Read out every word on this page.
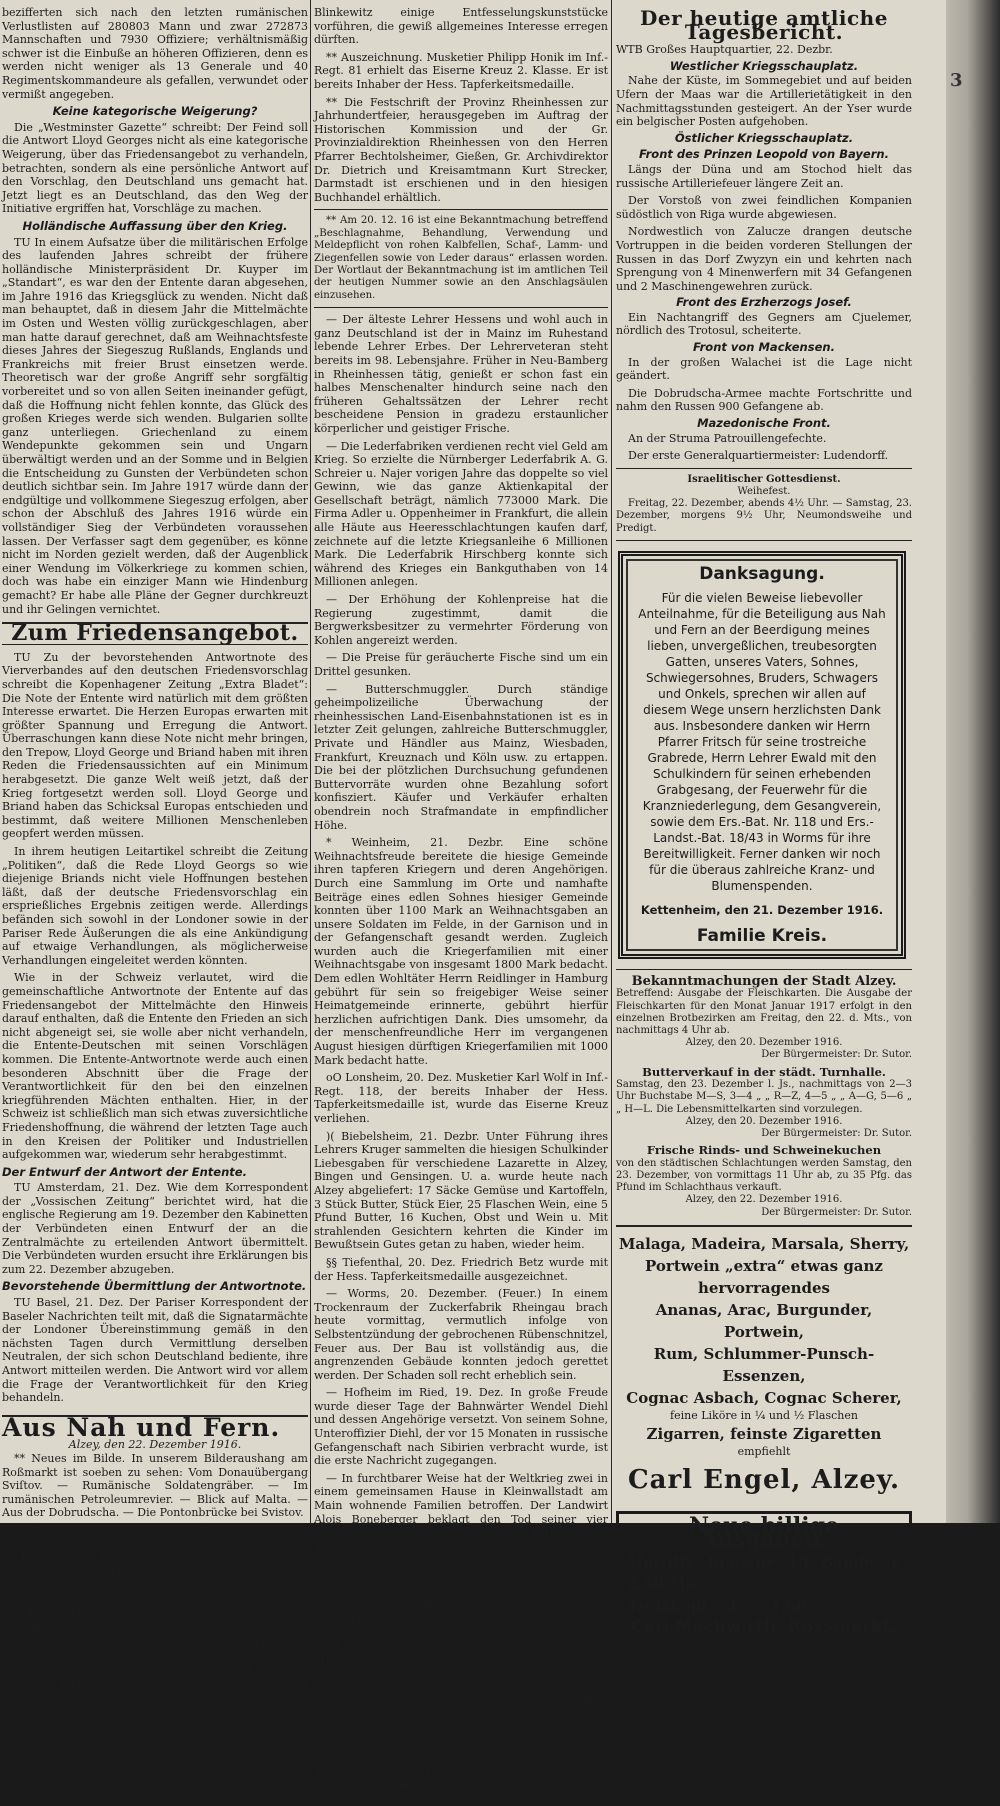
bezifferten sich nach den letzten rumänischen Verlustlisten auf 280803 Mann und zwar 272873 Mannschaften und 7930 Offiziere; verhältnismäßig schwer ist die Einbuße an höheren Offizieren, denn es werden nicht weniger als 13 Generale und 40 Regimentskommandeure als gefallen, verwundet oder vermißt angegeben.

Keine kategorische Weigerung?

Die „Westminster Gazette“ schreibt: Der Feind soll die Antwort Lloyd Georges nicht als eine kategorische Weigerung, über das Friedensangebot zu verhandeln, betrachten, sondern als eine persönliche Antwort auf den Vorschlag, den Deutschland uns gemacht hat. Jetzt liegt es an Deutschland, das den Weg der Initiative ergriffen hat, Vorschläge zu machen.

Holländische Auffassung über den Krieg.

TU In einem Aufsatze über die militärischen Erfolge des laufenden Jahres schreibt der frühere holländische Ministerpräsident Dr. Kuyper im „Standart“, es war den der Entente daran abgesehen, im Jahre 1916 das Kriegsglück zu wenden. Nicht daß man behauptet, daß in diesem Jahr die Mittelmächte im Osten und Westen völlig zurückgeschlagen, aber man hatte darauf gerechnet, daß am Weihnachtsfeste dieses Jahres der Siegeszug Rußlands, Englands und Frankreichs mit freier Brust einsetzen werde. Theoretisch war der große Angriff sehr sorgfältig vorbereitet und so von allen Seiten ineinander gefügt, daß die Hoffnung nicht fehlen konnte, das Glück des großen Krieges werde sich wenden. Bulgarien sollte ganz unterliegen. Griechenland zu einem Wendepunkte gekommen sein und Ungarn überwältigt werden und an der Somme und in Belgien die Entscheidung zu Gunsten der Verbündeten schon deutlich sichtbar sein. Im Jahre 1917 würde dann der endgültige und vollkommene Siegeszug erfolgen, aber schon der Abschluß des Jahres 1916 würde ein vollständiger Sieg der Verbündeten voraussehen lassen. Der Verfasser sagt dem gegenüber, es könne nicht im Norden gezielt werden, daß der Augenblick einer Wendung im Völkerkriege zu kommen schien, doch was habe ein einziger Mann wie Hindenburg gemacht? Er habe alle Pläne der Gegner durchkreuzt und ihr Gelingen vernichtet.

Zum Friedensangebot.

TU Zu der bevorstehenden Antwortnote des Vierverbandes auf den deutschen Friedensvorschlag schreibt die Kopenhagener Zeitung „Extra Bladet“: Die Note der Entente wird natürlich mit dem größten Interesse erwartet. Die Herzen Europas erwarten mit größter Spannung und Erregung die Antwort. Überraschungen kann diese Note nicht mehr bringen, den Trepow, Lloyd George und Briand haben mit ihren Reden die Friedensaussichten auf ein Minimum herabgesetzt. Die ganze Welt weiß jetzt, daß der Krieg fortgesetzt werden soll. Lloyd George und Briand haben das Schicksal Europas entschieden und bestimmt, daß weitere Millionen Menschenleben geopfert werden müssen.

In ihrem heutigen Leitartikel schreibt die Zeitung „Politiken“, daß die Rede Lloyd Georgs so wie diejenige Briands nicht viele Hoffnungen bestehen läßt, daß der deutsche Friedensvorschlag ein ersprießliches Ergebnis zeitigen werde. Allerdings befänden sich sowohl in der Londoner sowie in der Pariser Rede Äußerungen die als eine Ankündigung auf etwaige Verhandlungen, als möglicherweise Verhandlungen eingeleitet werden könnten.

Wie in der Schweiz verlautet, wird die gemeinschaftliche Antwortnote der Entente auf das Friedensangebot der Mittelmächte den Hinweis darauf enthalten, daß die Entente den Frieden an sich nicht abgeneigt sei, sie wolle aber nicht verhandeln, die Entente-Deutschen mit seinen Vorschlägen kommen. Die Entente-Antwortnote werde auch einen besonderen Abschnitt über die Frage der Verantwortlichkeit für den bei den einzelnen kriegführenden Mächten enthalten. Hier, in der Schweiz ist schließlich man sich etwas zuversichtliche Friedenshoffnung, die während der letzten Tage auch in den Kreisen der Politiker und Industriellen aufgekommen war, wiederum sehr herabgestimmt.

Der Entwurf der Antwort der Entente.

TU Amsterdam, 21. Dez. Wie dem Korrespondent der „Vossischen Zeitung“ berichtet wird, hat die englische Regierung am 19. Dezember den Kabinetten der Verbündeten einen Entwurf der an die Zentralmächte zu erteilenden Antwort übermittelt. Die Verbündeten wurden ersucht ihre Erklärungen bis zum 22. Dezember abzugeben.

Bevorstehende Übermittlung der Antwortnote.

TU Basel, 21. Dez. Der Pariser Korrespondent der Baseler Nachrichten teilt mit, daß die Signatarmächte der Londoner Übereinstimmung gemäß in den nächsten Tagen durch Vermittlung derselben Neutralen, der sich schon Deutschland bediente, ihre Antwort mitteilen werden. Die Antwort wird vor allem die Frage der Verantwortlichkeit für den Krieg behandeln.

Aus Nah und Fern.
Alzey, den 22. Dezember 1916.

** Neues im Bilde. In unserem Bilderaushang am Roßmarkt ist soeben zu sehen: Vom Donauübergang Sviſtov. — Rumänische Soldatengräber. — Im rumänischen Petroleumrevier. — Blick auf Malta. — Aus der Dobrudscha. — Die Pontonbrücke bei Svistov.

** Postdienst an Weihnachten. Die Paketannahme ist am 24. von 8 vorm. bis 1 nachm. und von 2—7 nachm. geöffnet. Der sonstige Schalterdienst wird wie an Sonntagen abgehalten. Es werden ausgetragen: am 24., 25. und 26. je eine Ortsbrief- und Paketbestellung, am 24. und 26. je eine Geld- und Landbestellung.

** Bunter Abend im Saalbau. Am Neujahrstag wird von Verwundeten des Vereinslazaretts Heilung und Pflegeanstalt zu Gunsten des Roten Kreuzes ein „Bunter Abend“ veranstaltet. Wie der Regieleiter Georg Pohl mitteilt, wird u. a. der Charakterkomiker Georg

Blinkewitz einige Entfesselungskunststücke vorführen, die gewiß allgemeines Interesse erregen dürften.

** Auszeichnung. Musketier Philipp Honik im Inf.-Regt. 81 erhielt das Eiserne Kreuz 2. Klasse. Er ist bereits Inhaber der Hess. Tapferkeitsmedaille.

** Die Festschrift der Provinz Rheinhessen zur Jahrhundertfeier, herausgegeben im Auftrag der Historischen Kommission und der Gr. Provinzialdirektion Rheinhessen von den Herren Pfarrer Bechtolsheimer, Gießen, Gr. Archivdirektor Dr. Dietrich und Kreisamtmann Kurt Strecker, Darmstadt ist erschienen und in den hiesigen Buchhandel erhältlich.

** Am 20. 12. 16 ist eine Bekanntmachung betreffend „Beschlagnahme, Behandlung, Verwendung und Meldepflicht von rohen Kalbfellen, Schaf-, Lamm- und Ziegenfellen sowie von Leder daraus“ erlassen worden. Der Wortlaut der Bekanntmachung ist im amtlichen Teil der heutigen Nummer sowie an den Anschlagsäulen einzusehen.

— Der älteste Lehrer Hessens und wohl auch in ganz Deutschland ist der in Mainz im Ruhestand lebende Lehrer Erbes. Der Lehrerveteran steht bereits im 98. Lebensjahre. Früher in Neu-Bamberg in Rheinhessen tätig, genießt er schon fast ein halbes Menschenalter hindurch seine nach den früheren Gehaltssätzen der Lehrer recht bescheidene Pension in gradezu erstaunlicher körperlicher und geistiger Frische.

— Die Lederfabriken verdienen recht viel Geld am Krieg. So erzielte die Nürnberger Lederfabrik A. G. Schreier u. Najer vorigen Jahre das doppelte so viel Gewinn, wie das ganze Aktienkapital der Gesellschaft beträgt, nämlich 773000 Mark. Die Firma Adler u. Oppenheimer in Frankfurt, die allein alle Häute aus Heeresschlachtungen kaufen darf, zeichnete auf die letzte Kriegsanleihe 6 Millionen Mark. Die Lederfabrik Hirschberg konnte sich während des Krieges ein Bankguthaben von 14 Millionen anlegen.

— Der Erhöhung der Kohlenpreise hat die Regierung zugestimmt, damit die Bergwerksbesitzer zu vermehrter Förderung von Kohlen angereizt werden.

— Die Preise für geräucherte Fische sind um ein Drittel gesunken.

— Butterschmuggler. Durch ständige geheimpolizeiliche Überwachung der rheinhessischen Land-Eisenbahnstationen ist es in letzter Zeit gelungen, zahlreiche Butterschmuggler, Private und Händler aus Mainz, Wiesbaden, Frankfurt, Kreuznach und Köln usw. zu ertappen. Die bei der plötzlichen Durchsuchung gefundenen Buttervorräte wurden ohne Bezahlung sofort konfisziert. Käufer und Verkäufer erhalten obendrein noch Strafmandate in empfindlicher Höhe.

* Weinheim, 21. Dezbr. Eine schöne Weihnachtsfreude bereitete die hiesige Gemeinde ihren tapferen Kriegern und deren Angehörigen. Durch eine Sammlung im Orte und namhafte Beiträge eines edlen Sohnes hiesiger Gemeinde konnten über 1100 Mark an Weihnachtsgaben an unsere Soldaten im Felde, in der Garnison und in der Gefangenschaft gesandt werden. Zugleich wurden auch die Kriegerfamilien mit einer Weihnachtsgabe von insgesamt 1800 Mark bedacht. Dem edlen Wohltäter Herrn Reidlinger in Hamburg gebührt für sein so freigebiger Weise seiner Heimatgemeinde erinnerte, gebührt hierfür herzlichen aufrichtigen Dank. Dies umsomehr, da der menschenfreundliche Herr im vergangenen August hiesigen dürftigen Kriegerfamilien mit 1000 Mark bedacht hatte.

oO Lonsheim, 20. Dez. Musketier Karl Wolf in Inf.-Regt. 118, der bereits Inhaber der Hess. Tapferkeitsmedaille ist, wurde das Eiserne Kreuz verliehen.

)( Biebelsheim, 21. Dezbr. Unter Führung ihres Lehrers Kruger sammelten die hiesigen Schulkinder Liebesgaben für verschiedene Lazarette in Alzey, Bingen und Gensingen. U. a. wurde heute nach Alzey abgeliefert: 17 Säcke Gemüse und Kartoffeln, 3 Stück Butter, Stück Eier, 25 Flaschen Wein, eine 5 Pfund Butter, 16 Kuchen, Obst und Wein u. Mit strahlenden Gesichtern kehrten die Kinder im Bewußtsein Gutes getan zu haben, wieder heim.

§§ Tiefenthal, 20. Dez. Friedrich Betz wurde mit der Hess. Tapferkeitsmedaille ausgezeichnet.

— Worms, 20. Dezember. (Feuer.) In einem Trockenraum der Zuckerfabrik Rheingau brach heute vormittag, vermutlich infolge von Selbstentzündung der gebrochenen Rübenschnitzel, Feuer aus. Der Bau ist vollständig aus, die angrenzenden Gebäude konnten jedoch gerettet werden. Der Schaden soll recht erheblich sein.

— Hofheim im Ried, 19. Dez. In große Freude wurde dieser Tage der Bahnwärter Wendel Diehl und dessen Angehörige versetzt. Von seinem Sohne, Unteroffizier Diehl, der vor 15 Monaten in russische Gefangenschaft nach Sibirien verbracht wurde, ist die erste Nachricht zugegangen.

— In furchtbarer Weise hat der Weltkrieg zwei in einem gemeinsamen Hause in Kleinwallstadt am Main wohnende Familien betroffen. Der Landwirt Alois Boneberger beklagt den Tod seiner vier Söhne, und die Witwe Johann Anton Fäth hat ihre drei Söhne dem Vaterland zum Opfer gebracht. Welch hartes Leid doch der Krieg schafft!

— Aus dem Elsaß. Billige Schweine gibt es zurzeit in einer Gemeinde des elsässischen Lautertals. Der Behörde wurde bekannt, daß eine große Anzahl Schweine im Dorf Schleithal nicht vorschriftsmäßig angemeldet war. Es fand eine Prüfung der Ställe statt. Die Bauern aber hatten vorher Kenntnis erhalten und trieben kurzerhand die Schweine in den nahen Wald. Dort wurden sie vorgefunden und einstweilen in eine Scheuer eingesperrt. Aus Furcht vor Strafe haben sich die Eigentümer bisher nicht gemeldet, so daß die Behörde die rund 200 herrenlose Schweine veräußern kann.

— An alle städtischen Beamten richtete Bürgermeister Dr. Schwander in Straßburg erneut die Mahnung zur Höflichkeit im Verkehr mit dem Publikum. Grobe Beamte werden sofort ihres Amtes enthoben.

Der heutige amtliche Tagesbericht.
WTB Großes Hauptquartier, 22. Dezbr.
Westlicher Kriegsschauplatz.

Nahe der Küste, im Sommegebiet und auf beiden Ufern der Maas war die Artillerietätigkeit in den Nachmittagsstunden gesteigert. An der Yser wurde ein belgischer Posten aufgehoben.

Östlicher Kriegsschauplatz.
Front des Prinzen Leopold von Bayern.

Längs der Düna und am Stochod hielt das russische Artilleriefeuer längere Zeit an.

Der Vorstoß von zwei feindlichen Kompanien südöstlich von Riga wurde abgewiesen.

Nordwestlich von Zalucze drangen deutsche Vortruppen in die beiden vorderen Stellungen der Russen in das Dorf Zwyzyn ein und kehrten nach Sprengung von 4 Minenwerfern mit 34 Gefangenen und 2 Maschinengewehren zurück.

Front des Erzherzogs Josef.

Ein Nachtangriff des Gegners am Cjuelemer, nördlich des Trotosul, scheiterte.

Front von Mackensen.

In der großen Walachei ist die Lage nicht geändert.

Die Dobrudscha-Armee machte Fortschritte und nahm den Russen 900 Gefangene ab.

Mazedonische Front.

An der Struma Patrouillengefechte.

Der erste Generalquartiermeister: Ludendorff.

Israelitischer Gottesdienst.
Weihefest.

Freitag, 22. Dezember, abends 4½ Uhr. — Samstag, 23. Dezember, morgens 9½ Uhr, Neumondsweihe und Predigt.

Danksagung.
Für die vielen Beweise liebevoller Anteilnahme, für die Beteiligung aus Nah und Fern an der Beerdigung meines lieben, unvergeßlichen, treubesorgten Gatten, unseres Vaters, Sohnes, Schwiegersohnes, Bruders, Schwagers und Onkels, sprechen wir allen auf diesem Wege unsern herzlichsten Dank aus. Insbesondere danken wir Herrn Pfarrer Fritsch für seine trostreiche Grabrede, Herrn Lehrer Ewald mit den Schulkindern für seinen erhebenden Grabgesang, der Feuerwehr für die Kranzniederlegung, dem Gesangverein, sowie dem Ers.-Bat. Nr. 118 und Ers.-Landst.-Bat. 18/43 in Worms für ihre Bereitwilligkeit. Ferner danken wir noch für die überaus zahlreiche Kranz- und Blumenspenden.
Kettenheim, den 21. Dezember 1916.
Familie Kreis.
Bekanntmachungen der Stadt Alzey.

Betreffend: Ausgabe der Fleischkarten. Die Ausgabe der Fleischkarten für den Monat Januar 1917 erfolgt in den einzelnen Brotbezirken am Freitag, den 22. d. Mts., von nachmittags 4 Uhr ab.

Alzey, den 20. Dezember 1916.
Der Bürgermeister: Dr. Sutor.
Butterverkauf in der städt. Turnhalle.

Samstag, den 23. Dezember l. Js., nachmittags von 2—3 Uhr Buchstabe M—S, 3—4 „ „ R—Z, 4—5 „ „ A—G, 5—6 „ „ H—L. Die Lebensmittelkarten sind vorzulegen.

Alzey, den 20. Dezember 1916.
Der Bürgermeister: Dr. Sutor.
Frische Rinds- und Schweinekuchen

von den städtischen Schlachtungen werden Samstag, den 23. Dezember, von vormittags 11 Uhr ab, zu 35 Pfg. das Pfund im Schlachthaus verkauft.

Alzey, den 22. Dezember 1916.
Der Bürgermeister: Dr. Sutor.
Malaga, Madeira, Marsala, Sherry,
Portwein „extra“ etwas ganz hervorragendes
Ananas, Arac, Burgunder, Portwein,
Rum, Schlummer-Punsch-Essenzen,
Cognac Asbach, Cognac Scherer,
feine Liköre in ¼ und ½ Flaschen
Zigarren, feinste Zigaretten
empfiehlt
Carl Engel, Alzey.
Neue billige Ausgaben.
Marlitts Romane 10 Bände je 2,50 Mk.
Trotzkopf „ 4 „ „ 1,60 „
Carl Machwirth, Rossmarkt.
3
